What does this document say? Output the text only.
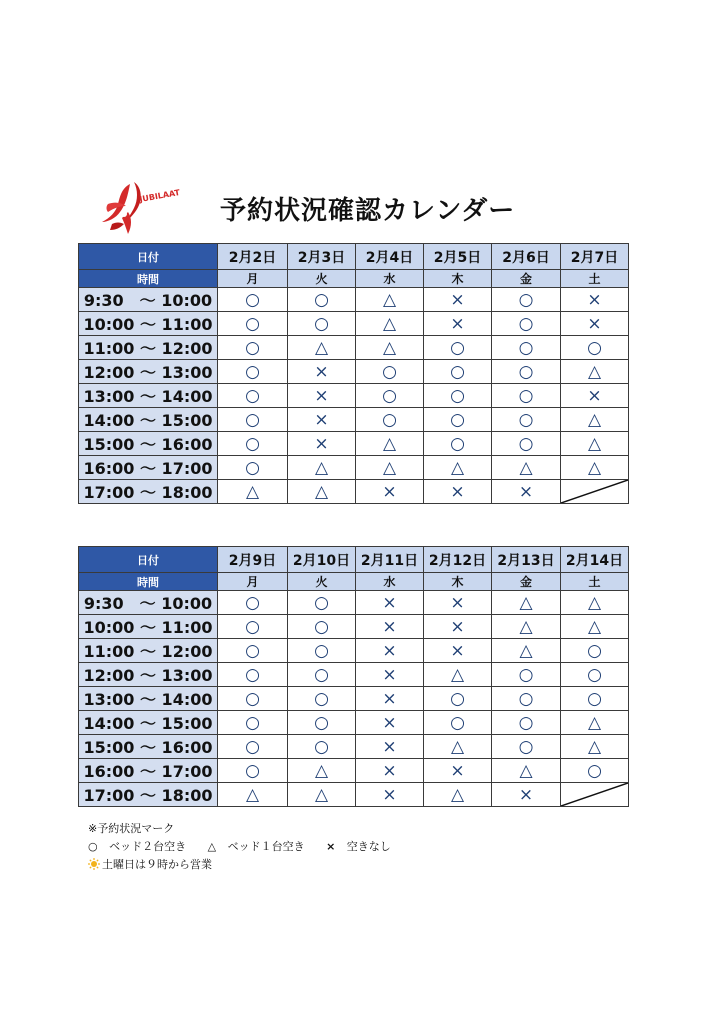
JUBILAAT
予約状況確認カレンダー
日付	2月2日	2月3日	2月4日	2月5日	2月6日	2月7日
時間	月	火	水	木	金	土
9:30　～ 10:00	○	○	△	×	○	×
10:00 ～ 11:00	○	○	△	×	○	×
11:00 ～ 12:00	○	△	△	○	○	○
12:00 ～ 13:00	○	×	○	○	○	△
13:00 ～ 14:00	○	×	○	○	○	×
14:00 ～ 15:00	○	×	○	○	○	△
15:00 ～ 16:00	○	×	△	○	○	△
16:00 ～ 17:00	○	△	△	△	△	△
17:00 ～ 18:00	△	△	×	×	×	
日付	2月9日	2月10日	2月11日	2月12日	2月13日	2月14日
時間	月	火	水	木	金	土
9:30　～ 10:00	○	○	×	×	△	△
10:00 ～ 11:00	○	○	×	×	△	△
11:00 ～ 12:00	○	○	×	×	△	○
12:00 ～ 13:00	○	○	×	△	○	○
13:00 ～ 14:00	○	○	×	○	○	○
14:00 ～ 15:00	○	○	×	○	○	△
15:00 ～ 16:00	○	○	×	△	○	△
16:00 ～ 17:00	○	△	×	×	△	○
17:00 ～ 18:00	△	△	×	△	×	
※予約状況マーク
○ ベッド２台空き △ ベッド１台空き × 空きなし
土曜日は９時から営業
